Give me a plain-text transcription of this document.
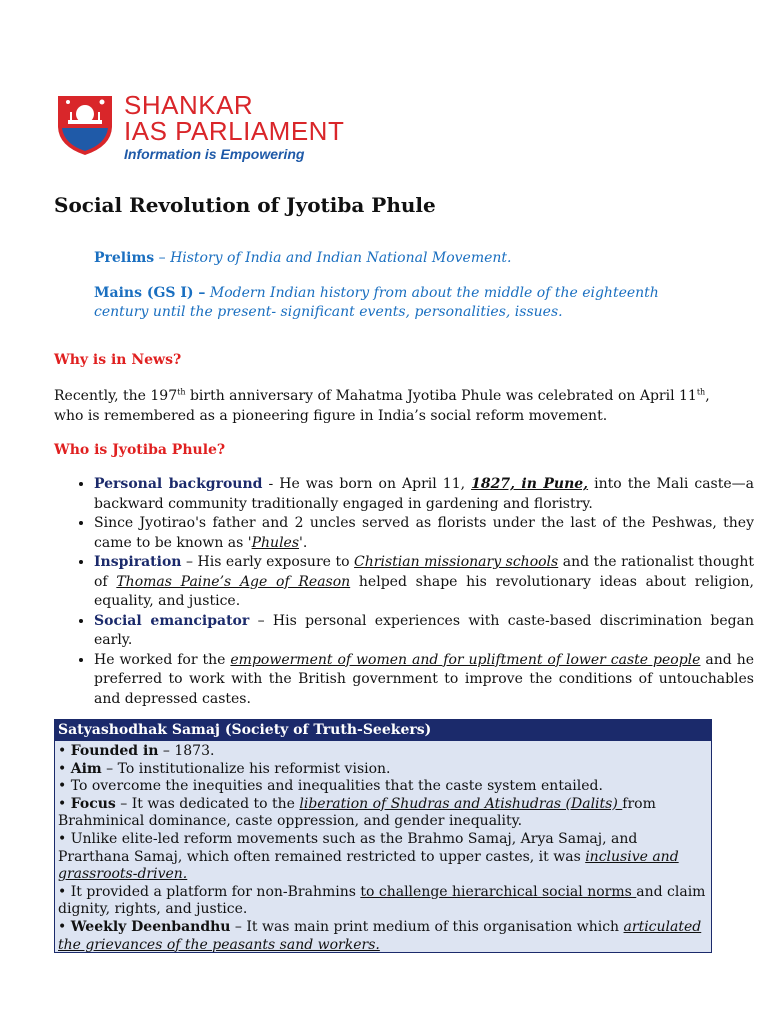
SHANKAR
IAS PARLIAMENT
Information is Empowering
Social Revolution of Jyotiba Phule
Prelims – History of India and Indian National Movement.
Mains (GS I) – Modern Indian history from about the middle of the eighteenth century until the present- significant events, personalities, issues.
Why is in News?
Recently, the 197th birth anniversary of Mahatma Jyotiba Phule was celebrated on April 11th, who is remembered as a pioneering figure in India’s social reform movement.
Who is Jyotiba Phule?
• Personal background - He was born on April 11, 1827, in Pune, into the Mali caste—a backward community traditionally engaged in gardening and floristry.
• Since Jyotirao's father and 2 uncles served as florists under the last of the Peshwas, they came to be known as 'Phules'.
• Inspiration – His early exposure to Christian missionary schools and the rationalist thought of Thomas Paine’s Age of Reason helped shape his revolutionary ideas about religion, equality, and justice.
• Social emancipator – His personal experiences with caste-based discrimination began early.
• He worked for the empowerment of women and for upliftment of lower caste people and he preferred to work with the British government to improve the conditions of untouchables and depressed castes.
Satyashodhak Samaj (Society of Truth-Seekers)
• Founded in – 1873.
• Aim – To institutionalize his reformist vision.
• To overcome the inequities and inequalities that the caste system entailed.
• Focus – It was dedicated to the liberation of Shudras and Atishudras (Dalits) from Brahminical dominance, caste oppression, and gender inequality.
• Unlike elite-led reform movements such as the Brahmo Samaj, Arya Samaj, and Prarthana Samaj, which often remained restricted to upper castes, it was inclusive and grassroots-driven.
• It provided a platform for non-Brahmins to challenge hierarchical social norms and claim dignity, rights, and justice.
• Weekly Deenbandhu – It was main print medium of this organisation which articulated the grievances of the peasants sand workers.
